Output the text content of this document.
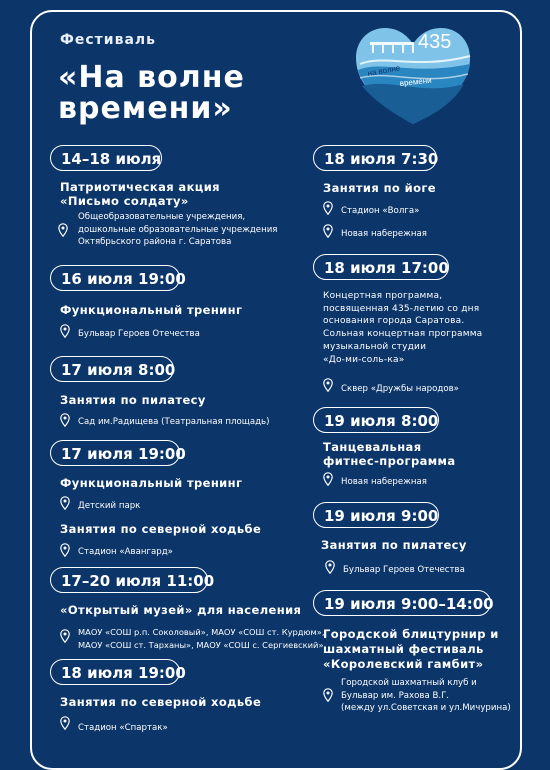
Фестиваль
«На волне
времени»
435
на волне
времени
14–18 июля
Патриотическая акция
«Письмо солдату»
Общеобразовательные учреждения,
дошкольные образовательные учреждения
Октябрьского района г. Саратова
16 июля 19:00
Функциональный тренинг
Бульвар Героев Отечества
17 июля 8:00
Занятия по пилатесу
Сад им.Радищева (Театральная площадь)
17 июля 19:00
Функциональный тренинг
Детский парк
Занятия по северной ходьбе
Стадион «Авангард»
17–20 июля 11:00
«Открытый музей» для населения
МАОУ «СОШ р.п. Соколовый», МАОУ «СОШ ст. Курдюм»,
МАОУ «СОШ ст. Тарханы», МАОУ «СОШ с. Сергиевский»
18 июля 19:00
Занятия по северной ходьбе
Стадион «Спартак»
18 июля 7:30
Занятия по йоге
Стадион «Волга»
Новая набережная
18 июля 17:00
Концертная программа,
посвященная 435-летию со дня
основания города Саратова.
Сольная концертная программа
музыкальной студии
«До-ми-соль-ка»
Сквер «Дружбы народов»
19 июля 8:00
Танцевальная
фитнес-программа
Новая набережная
19 июля 9:00
Занятия по пилатесу
Бульвар Героев Отечества
19 июля 9:00–14:00
Городской блицтурнир и
шахматный фестиваль
«Королевский гамбит»
Городской шахматный клуб и
Бульвар им. Рахова В.Г.
(между ул.Советская и ул.Мичурина)
